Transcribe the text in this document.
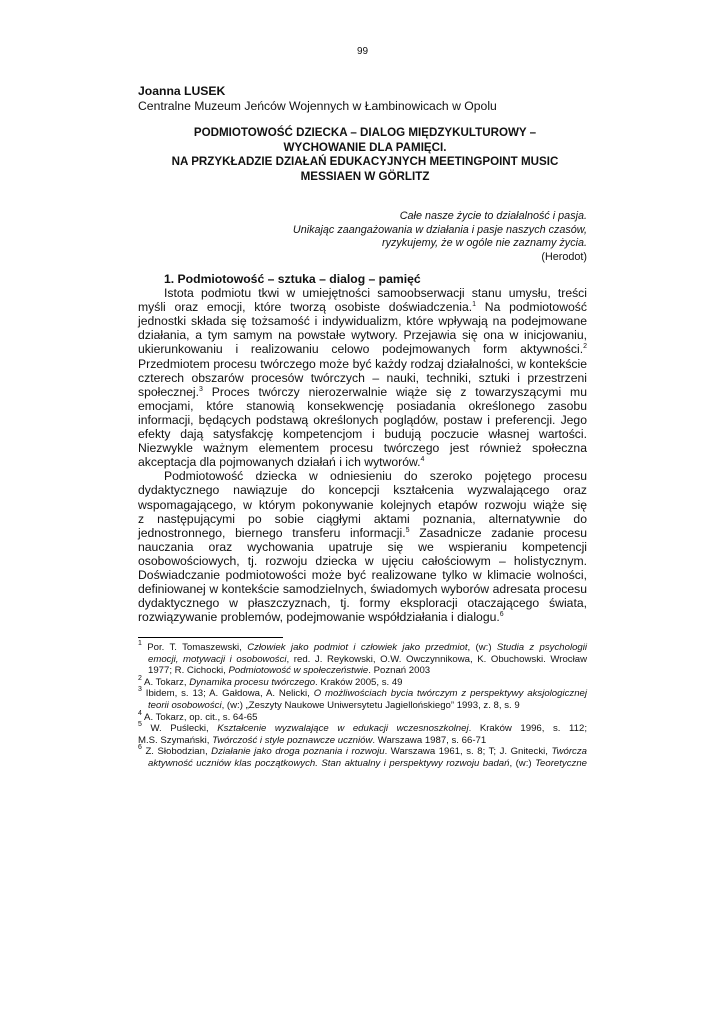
99
Joanna LUSEK
Centralne Muzeum Jeńców Wojennych w Łambinowicach w Opolu
PODMIOTOWOŚĆ DZIECKA – DIALOG MIĘDZYKULTUROWY –
WYCHOWANIE DLA PAMIĘCI.
NA PRZYKŁADZIE DZIAŁAŃ EDUKACYJNYCH MEETINGPOINT MUSIC
MESSIAEN W GÖRLITZ
Całe nasze życie to działalność i pasja.
Unikając zaangażowania w działania i pasje naszych czasów,
ryzykujemy, że w ogóle nie zaznamy życia.
(Herodot)
1. Podmiotowość – sztuka – dialog – pamięć
Istota podmiotu tkwi w umiejętności samoobserwacji stanu umysłu, treści
myśli oraz emocji, które tworzą osobiste doświadczenia.$^1$ Na podmiotowość
jednostki składa się tożsamość i indywidualizm, które wpływają na podejmowane
działania, a tym samym na powstałe wytwory. Przejawia się ona w inicjowaniu,
ukierunkowaniu i realizowaniu celowo podejmowanych form aktywności.$^2$
Przedmiotem procesu twórczego może być każdy rodzaj działalności, w kontekście
czterech obszarów procesów twórczych – nauki, techniki, sztuki i przestrzeni
społecznej.$^3$ Proces twórczy nierozerwalnie wiąże się z towarzyszącymi mu
emocjami, które stanowią konsekwencję posiadania określonego zasobu
informacji, będących podstawą określonych poglądów, postaw i preferencji. Jego
efekty dają satysfakcję kompetencjom i budują poczucie własnej wartości.
Niezwykle ważnym elementem procesu twórczego jest również społeczna
akceptacja dla pojmowanych działań i ich wytworów.$^4$
Podmiotowość dziecka w odniesieniu do szeroko pojętego procesu
dydaktycznego nawiązuje do koncepcji kształcenia wyzwalającego oraz
wspomagającego, w którym pokonywanie kolejnych etapów rozwoju wiąże się
z następującymi po sobie ciągłymi aktami poznania, alternatywnie do
jednostronnego, biernego transferu informacji.$^5$ Zasadnicze zadanie procesu
nauczania oraz wychowania upatruje się we wspieraniu kompetencji
osobowościowych, tj. rozwoju dziecka w ujęciu całościowym – holistycznym.
Doświadczanie podmiotowości może być realizowane tylko w klimacie wolności,
definiowanej w kontekście samodzielnych, świadomych wyborów adresata procesu
dydaktycznego w płaszczyznach, tj. formy eksploracji otaczającego świata,
rozwiązywanie problemów, podejmowanie współdziałania i dialogu.$^6$
$^1$ Por. T. Tomaszewski, Człowiek jako podmiot i człowiek jako przedmiot, (w:) Studia z psychologii
emocji, motywacji i osobowości, red. J. Reykowski, O.W. Owczynnikowa, K. Obuchowski. Wrocław
1977; R. Cichocki, Podmiotowość w społeczeństwie. Poznań 2003
$^2$ A. Tokarz, Dynamika procesu twórczego. Kraków 2005, s. 49
$^3$ Ibidem, s. 13; A. Gałdowa, A. Nelicki, O możliwościach bycia twórczym z perspektywy aksjologicznej
teorii osobowości, (w:) „Zeszyty Naukowe Uniwersytetu Jagiellońskiego” 1993, z. 8, s. 9
$^4$ A. Tokarz, op. cit., s. 64-65
$^5$ W. Puślecki, Kształcenie wyzwalające w edukacji wczesnoszkolnej. Kraków 1996, s. 112;
M.S. Szymański, Twórczość i style poznawcze uczniów. Warszawa 1987, s. 66-71
$^6$ Z. Słobodzian, Działanie jako droga poznania i rozwoju. Warszawa 1961, s. 8; T; J. Gnitecki, Twórcza
aktywność uczniów klas początkowych. Stan aktualny i perspektywy rozwoju badań, (w:) Teoretyczne
